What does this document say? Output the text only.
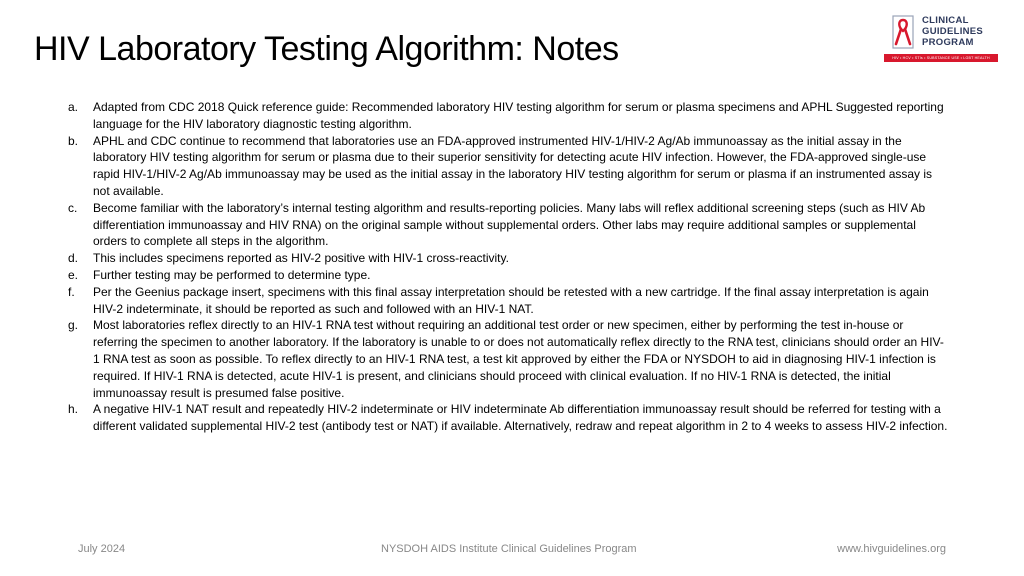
HIV Laboratory Testing Algorithm: Notes
CLINICAL
GUIDELINES
PROGRAM
HIV • HCV • STIs • SUBSTANCE USE • LGBT HEALTH
a.	Adapted from CDC 2018 Quick reference guide: Recommended laboratory HIV testing algorithm for serum or plasma specimens and APHL Suggested reporting language for the HIV laboratory diagnostic testing algorithm.
b.	APHL and CDC continue to recommend that laboratories use an FDA-approved instrumented HIV-1/HIV-2 Ag/Ab immunoassay as the initial assay in the laboratory HIV testing algorithm for serum or plasma due to their superior sensitivity for detecting acute HIV infection. However, the FDA-approved single-use rapid HIV-1/HIV-2 Ag/Ab immunoassay may be used as the initial assay in the laboratory HIV testing algorithm for serum or plasma if an instrumented assay is not available.
c.	Become familiar with the laboratory’s internal testing algorithm and results-reporting policies. Many labs will reflex additional screening steps (such as HIV Ab differentiation immunoassay and HIV RNA) on the original sample without supplemental orders. Other labs may require additional samples or supplemental orders to complete all steps in the algorithm.
d.	This includes specimens reported as HIV-2 positive with HIV-1 cross-reactivity.
e.	Further testing may be performed to determine type.
f.	Per the Geenius package insert, specimens with this final assay interpretation should be retested with a new cartridge. If the final assay interpretation is again HIV-2 indeterminate, it should be reported as such and followed with an HIV-1 NAT.
g.	Most laboratories reflex directly to an HIV-1 RNA test without requiring an additional test order or new specimen, either by performing the test in-house or referring the specimen to another laboratory. If the laboratory is unable to or does not automatically reflex directly to the RNA test, clinicians should order an HIV-1 RNA test as soon as possible. To reflex directly to an HIV-1 RNA test, a test kit approved by either the FDA or NYSDOH to aid in diagnosing HIV-1 infection is required. If HIV-1 RNA is detected, acute HIV-1 is present, and clinicians should proceed with clinical evaluation. If no HIV-1 RNA is detected, the initial immunoassay result is presumed false positive.
h.	A negative HIV-1 NAT result and repeatedly HIV-2 indeterminate or HIV indeterminate Ab differentiation immunoassay result should be referred for testing with a different validated supplemental HIV-2 test (antibody test or NAT) if available. Alternatively, redraw and repeat algorithm in 2 to 4 weeks to assess HIV-2 infection.
July 2024	NYSDOH AIDS Institute Clinical Guidelines Program	www.hivguidelines.org
